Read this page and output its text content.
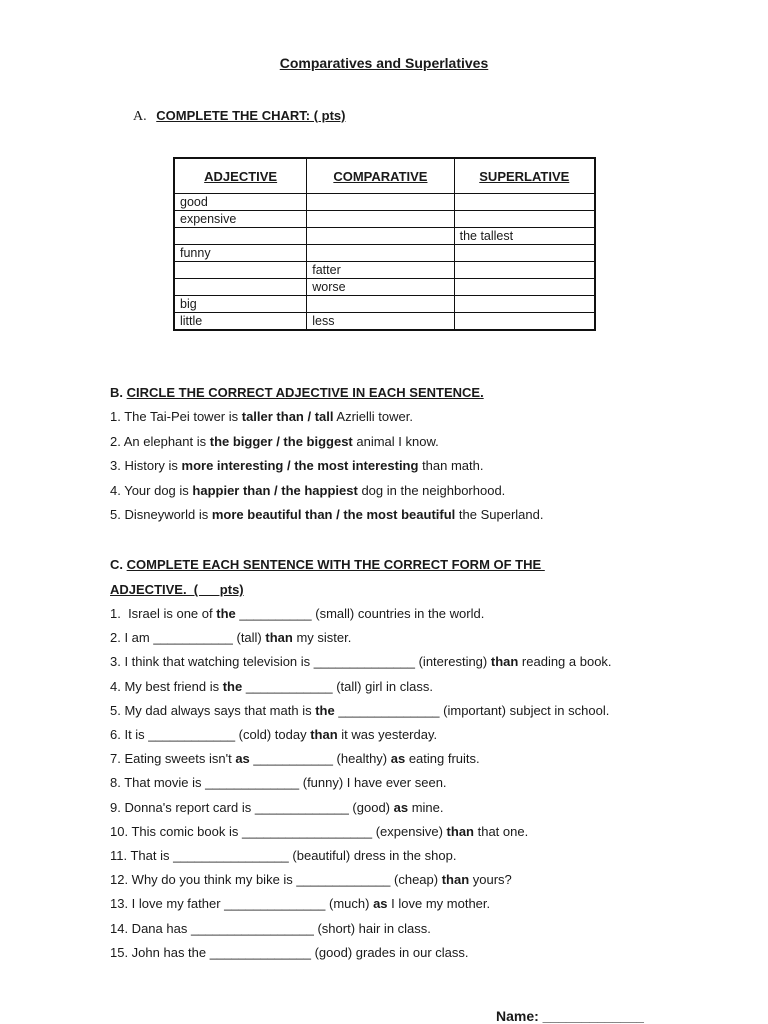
Comparatives and Superlatives
A. COMPLETE THE CHART: ( pts)
ADJECTIVE	COMPARATIVE	SUPERLATIVE
good		
expensive		
		the tallest
funny		
	fatter	
	worse	
big		
little	less	
B. CIRCLE THE CORRECT ADJECTIVE IN EACH SENTENCE.
1. The Tai-Pei tower is taller than / tall Azrielli tower.
2. An elephant is the bigger / the biggest animal I know.
3. History is more interesting / the most interesting than math.
4. Your dog is happier than / the happiest dog in the neighborhood.
5. Disneyworld is more beautiful than / the most beautiful the Superland.
C. COMPLETE EACH SENTENCE WITH THE CORRECT FORM OF THE
ADJECTIVE.  (      pts)
1.  Israel is one of the __________ (small) countries in the world.
2. I am ___________ (tall) than my sister.
3. I think that watching television is ______________ (interesting) than reading a book.
4. My best friend is the ____________ (tall) girl in class.
5. My dad always says that math is the ______________ (important) subject in school.
6. It is ____________ (cold) today than it was yesterday.
7. Eating sweets isn't as ___________ (healthy) as eating fruits.
8. That movie is _____________ (funny) I have ever seen.
9. Donna's report card is _____________ (good) as mine.
10. This comic book is __________________ (expensive) than that one.
11. That is ________________ (beautiful) dress in the shop.
12. Why do you think my bike is _____________ (cheap) than yours?
13. I love my father ______________ (much) as I love my mother.
14. Dana has _________________ (short) hair in class.
15. John has the ______________ (good) grades in our class.
Name: _____________
